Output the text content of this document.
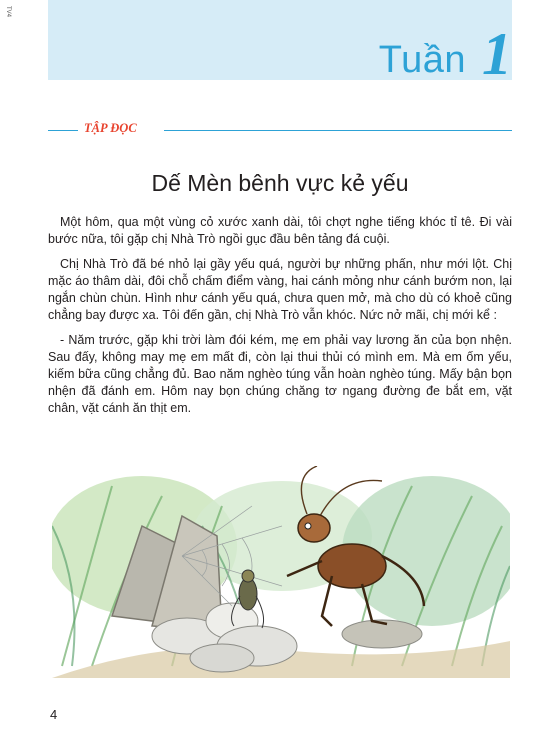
TV4
Tuần 1
TẬP ĐỌC
Dế Mèn bênh vực kẻ yếu

Một hôm, qua một vùng cỏ xước xanh dài, tôi chợt nghe tiếng khóc tỉ tê. Đi vài bước nữa, tôi gặp chị Nhà Trò ngồi gục đầu bên tảng đá cuội.

Chị Nhà Trò đã bé nhỏ lại gầy yếu quá, người bự những phấn, như mới lột. Chị mặc áo thâm dài, đôi chỗ chấm điểm vàng, hai cánh mỏng như cánh bướm non, lại ngắn chùn chùn. Hình như cánh yếu quá, chưa quen mở, mà cho dù có khoẻ cũng chẳng bay được xa. Tôi đến gần, chị Nhà Trò vẫn khóc. Nức nở mãi, chị mới kể :

- Năm trước, gặp khi trời làm đói kém, mẹ em phải vay lương ăn của bọn nhện. Sau đấy, không may mẹ em mất đi, còn lại thui thủi có mình em. Mà em ốm yếu, kiếm bữa cũng chẳng đủ. Bao năm nghèo túng vẫn hoàn nghèo túng. Mấy bận bọn nhện đã đánh em. Hôm nay bọn chúng chăng tơ ngang đường đe bắt em, vặt chân, vặt cánh ăn thịt em.

4
